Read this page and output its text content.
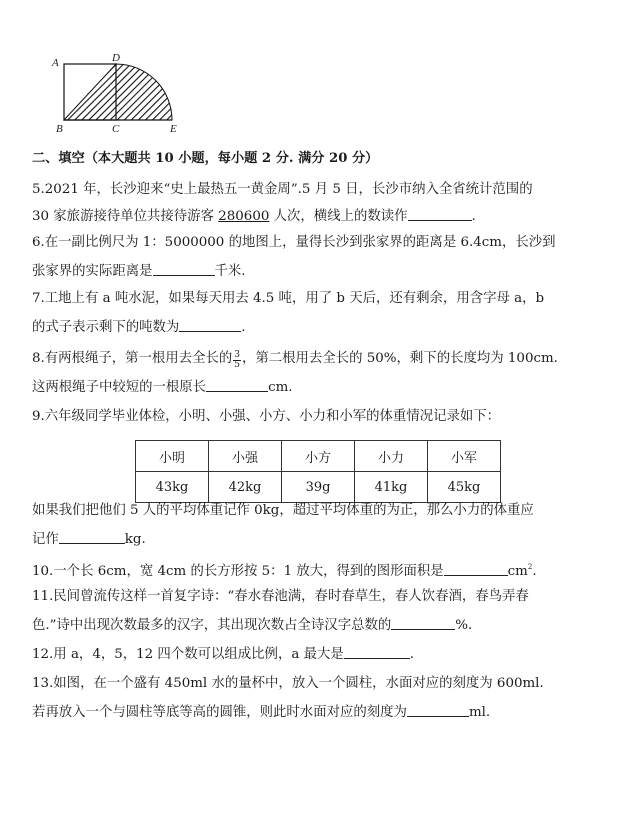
A	D
B	C	E
二、填空（本大题共 10 小题，每小题 2 分. 满分 20 分）
5.2021 年，长沙迎来“史上最热五一黄金周”.5 月 5 日，长沙市纳入全省统计范围的
30 家旅游接待单位共接待游客 280600 人次，横线上的数读作	.
6.在一副比例尺为 1：5000000 的地图上，量得长沙到张家界的距离是 6.4cm，长沙到
张家界的实际距离是	千米.
7.工地上有 a 吨水泥，如果每天用去 4.5 吨，用了 b 天后，还有剩余，用含字母 a，b
的式子表示剩下的吨数为	.
8.有两根绳子，第一根用去全长的 $\frac{3}{5}$ ，第二根用去全长的 50%，剩下的长度均为 100cm.
这两根绳子中较短的一根原长	cm.
9.六年级同学毕业体检，小明、小强、小方、小力和小军的体重情况记录如下：
小明	小强	小方	小力	小军
43kg	42kg	39g	41kg	45kg
如果我们把他们 5 人的平均体重记作 0kg，超过平均体重的为正，那么小力的体重应
记作	kg.
10.一个长 6cm，宽 4cm 的长方形按 5：1 放大，得到的图形面积是	$cm^2$.
11.民间曾流传这样一首复字诗：“春水春池满，春时春草生，春人饮春酒，春鸟弄春
色.”诗中出现次数最多的汉字，其出现次数占全诗汉字总数的	%.
12.用 a，4，5，12 四个数可以组成比例，a 最大是	.
13.如图，在一个盛有 450ml 水的量杯中，放入一个圆柱，水面对应的刻度为 600ml.
若再放入一个与圆柱等底等高的圆锥，则此时水面对应的刻度为	ml.
